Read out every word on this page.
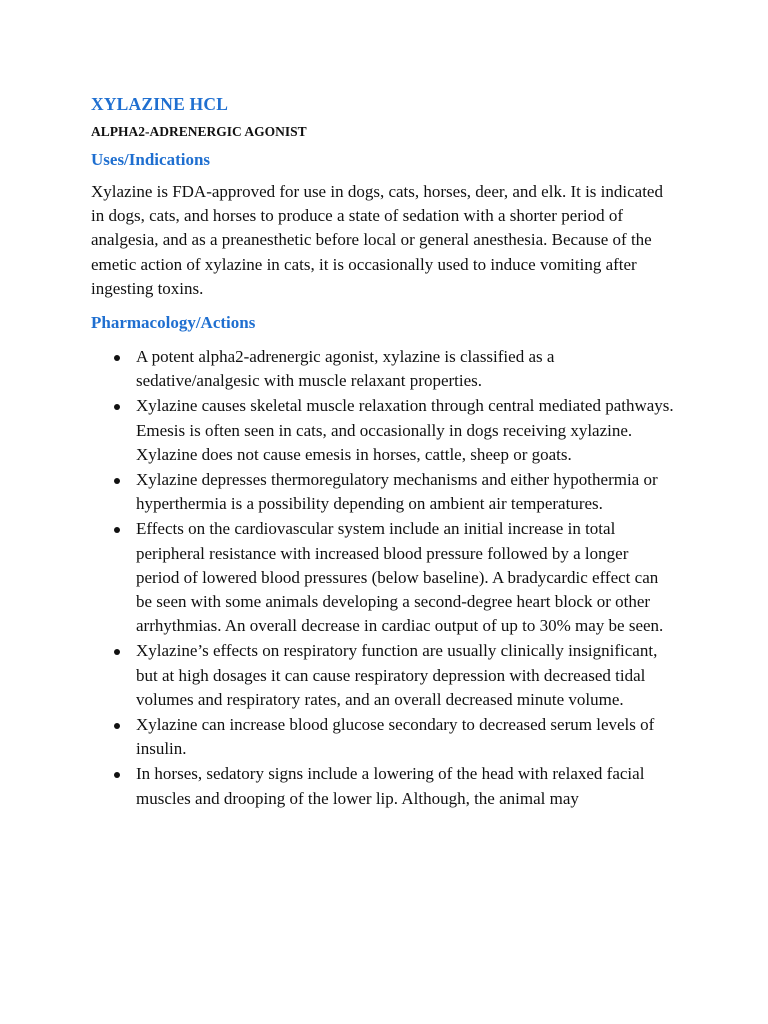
XYLAZINE HCL
ALPHA2-ADRENERGIC AGONIST
Uses/Indications

Xylazine is FDA-approved for use in dogs, cats, horses, deer, and elk. It is indicated in dogs, cats, and horses to produce a state of sedation with a shorter period of analgesia, and as a preanesthetic before local or general anesthesia. Because of the emetic action of xylazine in cats, it is occasionally used to induce vomiting after ingesting toxins.

Pharmacology/Actions
A potent alpha2-adrenergic agonist, xylazine is classified as a sedative/analgesic with muscle relaxant properties.
Xylazine causes skeletal muscle relaxation through central mediated pathways. Emesis is often seen in cats, and occasionally in dogs receiving xylazine. Xylazine does not cause emesis in horses, cattle, sheep or goats.
Xylazine depresses thermoregulatory mechanisms and either hypothermia or hyperthermia is a possibility depending on ambient air temperatures.
Effects on the cardiovascular system include an initial increase in total peripheral resistance with increased blood pressure followed by a longer period of lowered blood pressures (below baseline). A bradycardic effect can be seen with some animals developing a second-degree heart block or other arrhythmias. An overall decrease in cardiac output of up to 30% may be seen.
Xylazine’s effects on respiratory function are usually clinically insignificant, but at high dosages it can cause respiratory depression with decreased tidal volumes and respiratory rates, and an overall decreased minute volume.
Xylazine can increase blood glucose secondary to decreased serum levels of insulin.
In horses, sedatory signs include a lowering of the head with relaxed facial muscles and drooping of the lower lip. Although, the animal may
